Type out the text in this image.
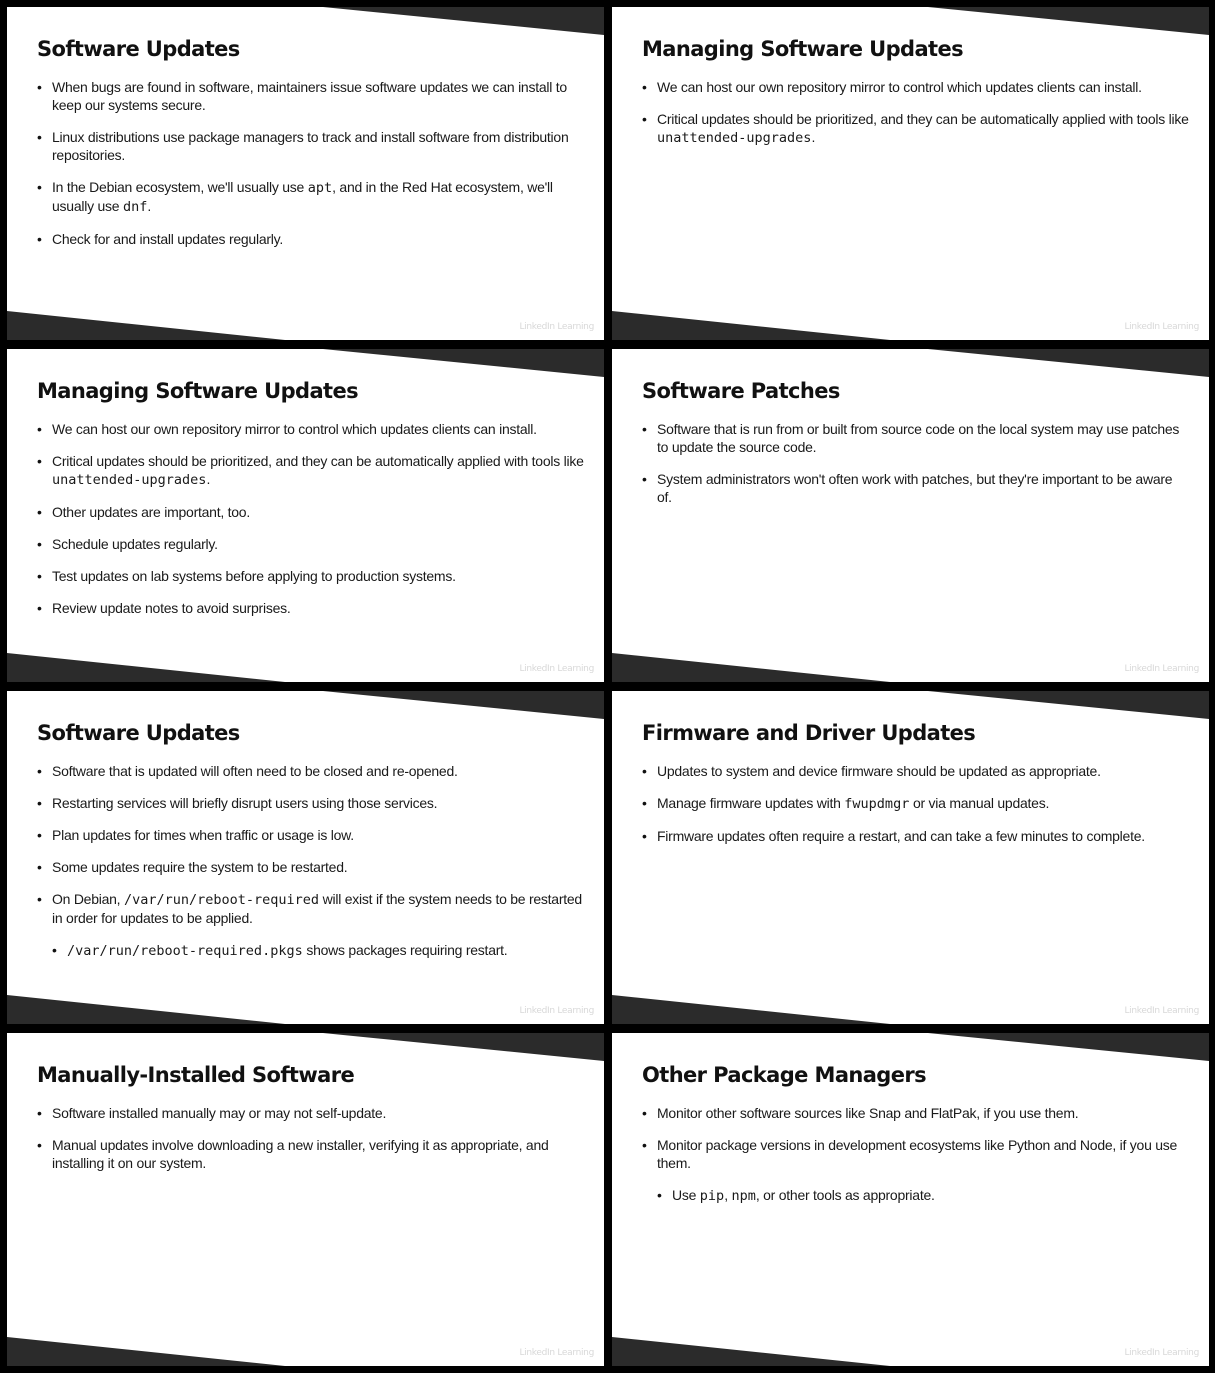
Software Updates
• When bugs are found in software, maintainers issue software updates we can install to keep our systems secure.
• Linux distributions use package managers to track and install software from distribution repositories.
• In the Debian ecosystem, we'll usually use apt, and in the Red Hat ecosystem, we'll usually use dnf.
• Check for and install updates regularly.
LinkedIn Learning
Managing Software Updates
• We can host our own repository mirror to control which updates clients can install.
• Critical updates should be prioritized, and they can be automatically applied with tools like unattended-upgrades.
LinkedIn Learning
Managing Software Updates
• We can host our own repository mirror to control which updates clients can install.
• Critical updates should be prioritized, and they can be automatically applied with tools like unattended-upgrades.
• Other updates are important, too.
• Schedule updates regularly.
• Test updates on lab systems before applying to production systems.
• Review update notes to avoid surprises.
LinkedIn Learning
Software Patches
• Software that is run from or built from source code on the local system may use patches to update the source code.
• System administrators won't often work with patches, but they're important to be aware of.
LinkedIn Learning
Software Updates
• Software that is updated will often need to be closed and re-opened.
• Restarting services will briefly disrupt users using those services.
• Plan updates for times when traffic or usage is low.
• Some updates require the system to be restarted.
• On Debian, /var/run/reboot-required will exist if the system needs to be restarted in order for updates to be applied.
• /var/run/reboot-required.pkgs shows packages requiring restart.
LinkedIn Learning
Firmware and Driver Updates
• Updates to system and device firmware should be updated as appropriate.
• Manage firmware updates with fwupdmgr or via manual updates.
• Firmware updates often require a restart, and can take a few minutes to complete.
LinkedIn Learning
Manually-Installed Software
• Software installed manually may or may not self-update.
• Manual updates involve downloading a new installer, verifying it as appropriate, and installing it on our system.
LinkedIn Learning
Other Package Managers
• Monitor other software sources like Snap and FlatPak, if you use them.
• Monitor package versions in development ecosystems like Python and Node, if you use them.
• Use pip, npm, or other tools as appropriate.
LinkedIn Learning
